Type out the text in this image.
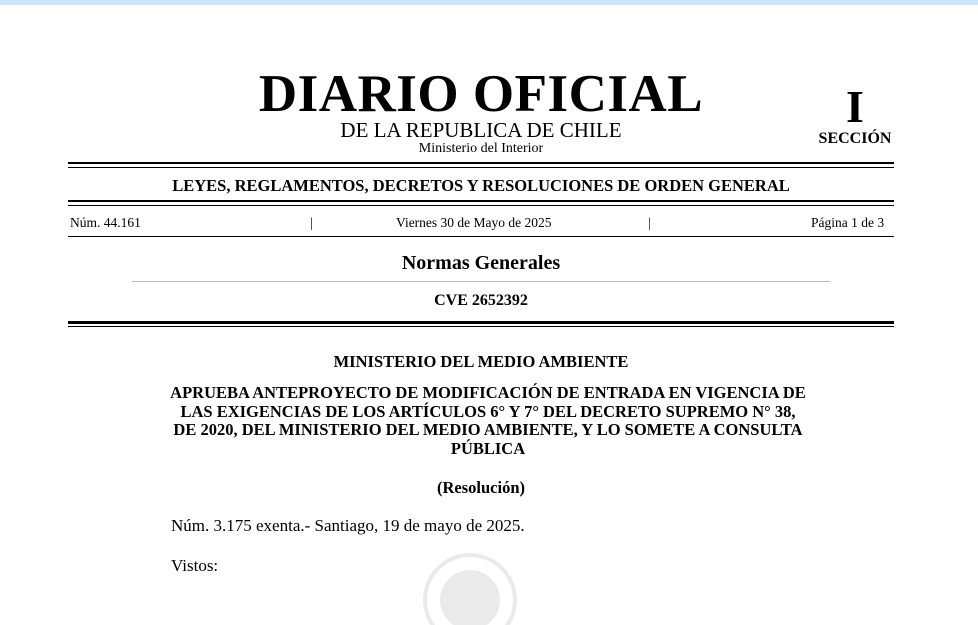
DIARIO OFICIAL
DE LA REPUBLICA DE CHILE
Ministerio del Interior
I
SECCIÓN
LEYES, REGLAMENTOS, DECRETOS Y RESOLUCIONES DE ORDEN GENERAL
Núm. 44.161	|	Viernes 30 de Mayo de 2025	|	Página 1 de 3
Normas Generales
CVE 2652392
MINISTERIO DEL MEDIO AMBIENTE
APRUEBA ANTEPROYECTO DE MODIFICACIÓN DE ENTRADA EN VIGENCIA DE
LAS EXIGENCIAS DE LOS ARTÍCULOS 6° Y 7° DEL DECRETO SUPREMO N° 38,
DE 2020, DEL MINISTERIO DEL MEDIO AMBIENTE, Y LO SOMETE A CONSULTA
PÚBLICA
(Resolución)
Núm. 3.175 exenta.- Santiago, 19 de mayo de 2025.
Vistos:
